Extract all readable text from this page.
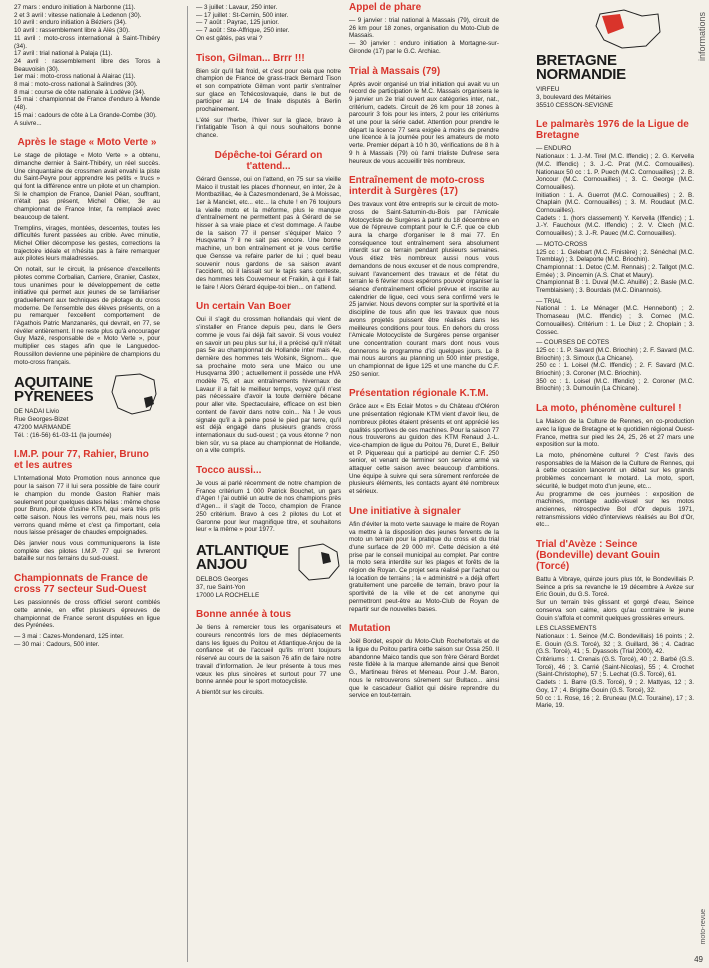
27 mars : enduro initiation à Narbonne (11).
2 et 3 avril : vitesse nationale à Ledenon (30).
10 avril : enduro initiation à Béziers (34).
10 avril : rassemblement libre à Alès (30).
11 avril : moto-cross international à Saint-Thibéry (34).
17 avril : trial national à Palaja (11).
24 avril : rassemblement libre des Toros à Beauvoisin (30).
1er mai : moto-cross national à Alairac (11).
8 mai : moto-cross national à Salindres (30).
8 mai : course de côte nationale à Lodève (34).
15 mai : championnat de France d'enduro à Mende (48).
15 mai : cadours de côte à La Grande-Combe (30).
A suivre...

Après le stage « Moto Verte »

Le stage de pilotage « Moto Verte » a obtenu, dimanche dernier à Saint-Thibéry, un réel succès. Une cinquantaine de crossmen avait envahi la piste du Saint-Peyre pour apprendre les petits « trucs » qui font la différence entre un pilote et un champion. Si le champion de France, Daniel Péan, souffrant, n'était pas présent, Michel Ollier, 3e au championnat de France Inter, l'a remplacé avec beaucoup de talent.

Tremplins, virages, montées, descentes, toutes les difficultés furent passées au crible. Avec minutie, Michel Ollier décompose les gestes, corrections la trajectoire idéale et n'hésita pas à faire remarquer aux pilotes leurs maladresses.

On notait, sur le circuit, la présence d'excellents pilotes comme Corbalian, Carriere, Granier, Castex, tous unanimes pour le développement de cette initiative qui permet aux jeunes de se familiariser graduellement aux techniques de pilotage du cross moderne. De l'ensemble des élèves présents, on a pu remarquer l'excellent comportement de l'Agathois Patric Manzanarès, qui devrait, en 77, se révéler entièrement. Il ne reste plus qu'à encourager Guy Mazé, responsable de « Moto Verte », pour multiplier ces stages afin que le Languedoc-Roussillon devienne une pépinière de champions du moto-cross français.

AQUITAINE PYRENEES

DE NADAI Livio
Rue Georges-Bizet
47200 MARMANDE
Tél. : (16-56) 61-03-11 (la journée)

I.M.P. pour 77, Rahier, Bruno et les autres

L'International Moto Promotion nous annonce que pour la saison 77 il lui sera possible de faire courir le champion du monde Gaston Rahier mais seulement pour quelques dates hélas : même chose pour Bruno, pilote d'usine KTM, qui sera très pris cette saison. Nous les verrons peu, mais nous les verrons quand même et c'est ça l'important, cela nous laisse présager de chaudes empoignades.

Dès janvier nous vous communiquerons la liste complète des pilotes I.M.P. 77 qui se livreront bataille sur nos terrains du sud-ouest.

Championnats de France de cross 77 secteur Sud-Ouest

Les passionnés de cross officiel seront comblés cette année, en effet plusieurs épreuves de championnat de France seront disputées en ligue des Pyrénées.

— 3 mai : Cazes-Mondenard, 125 inter.
— 30 mai : Cadours, 500 inter.

— 3 juillet : Lavaur, 250 inter.
— 17 juillet : St-Cernin, 500 inter.
— 7 août : Payrac, 125 junior.
— 7 août : Ste-Affrique, 250 inter.
On est gâtés, pas vrai ?

Tison, Gilman... Brrr !!!

Bien sûr qu'il fait froid, et c'est pour cela que notre champion de France de grass-track Bernard Tison et son compatriote Gilman vont partir s'entraîner sur glace en Tchécoslovaquie, dans le but de participer au 1/4 de finale disputés à Berlin prochainement.

L'été sur l'herbe, l'hiver sur la glace, bravo à l'infatigable Tison à qui nous souhaitons bonne chance.

Dépêche-toi Gérard on t'attend...

Gérard Gensse, oui on l'attend, en 75 sur sa vieille Maico il trustait les places d'honneur, en inter, 2e à Montbazillac, 4e à Cazesmondenard, 3e à Moissac, 1er à Manciet, etc... etc... la chute ! en 76 toujours la vieille moto et la méforme, plus le manque d'entraînement ne permettent pas à Gérard de se hisser à sa vraie place et c'est dommage. A l'aube de la saison 77 il penser s'équiper Maico ? Husqvarna ? il ne sait pas encore. Une bonne machine, un bon entraînement et je vous certifie que Gensse va refaire parler de lui ; quel beau souvenir nous gardons de sa saison avant l'accident, où il laissait sur le tapis sans conteste, des hommes tels Couverneur et Fraikin, à qui il fait le faire ! Alors Gérard équipe-toi bien... on t'attend.

Un certain Van Boer

Oui il s'agit du crossman hollandais qui vient de s'installer en France depuis peu, dans le Gers comme je vous l'ai déjà fait savoir. Si vous voulez en savoir un peu plus sur lui, il a précisé qu'il n'était pas 5e au championnat de Hollande inter mais 4e, dernière des hommes tels Wolsink, Signorn... que sa prochaine moto sera une Maico ou une Husqvarna 390 ; actuellement il possède une HVA modèle 75, et aux entraînements hivernaux de Lavaur il a fait le meilleur temps, voyez qu'il n'est pas nécessaire d'avoir la toute dernière bécane pour aller vite. Spectaculaire, efficace on est bien content de l'avoir dans notre coin... Na ! Je vous signale qu'il a à peine posé le pied par terre, qu'il est déjà engagé dans plusieurs grands cross internationaux du sud-ouest ; ça vous étonne ? non bien sûr, vu sa place au championnat de Hollande, on a vite compris.

Tocco aussi...

Je vous ai parlé récemment de notre champion de France critérium 1 000 Patrick Bouchet, un gars d'Agen ! j'ai oublié un autre de nos champions près d'Agen... il s'agit de Tocco, champion de France 250 critérium. Bravo à ces 2 pilotes du Lot et Garonne pour leur magnifique titre, et souhaitons leur « la même » pour 1977.

ATLANTIQUE ANJOU

DELBOS Georges
37, rue Saint-Yon
17000 LA ROCHELLE

Bonne année à tous

Je tiens à remercier tous les organisateurs et coureurs rencontrés lors de mes déplacements dans les ligues du Poitou et Atlantique-Anjou de la confiance et de l'accueil qu'ils m'ont toujours réservé au cours de la saison 76 afin de faire notre travail d'information. Je leur présente à tous mes vœux les plus sincères et surtout pour 77 une bonne année pour le sport motocycliste.

A bientôt sur les circuits.

Appel de phare

— 9 janvier : trial national à Massais (79), circuit de 26 km pour 18 zones, organisation du Moto-Club de Massais.
— 30 janvier : enduro initiation à Mortagne-sur-Gironde (17) par le G.C. Archiac.

Trial à Massais (79)

Après avoir organisé un trial initiation qui avait vu un record de participation le M.C. Massais organisera le 9 janvier un 2e trial ouvert aux catégories inter, nat., critérium, cadets. Circuit de 26 km pour 18 zones à parcourir 3 fois pour les inters, 2 pour les critériums et une pour la série cadet. Attention pour prendre le départ la licence 77 sera exigée à moins de prendre une licence à la journée pour les amateurs de moto verte. Premier départ à 10 h 30, vérifications de 8 h à 9 h à Massais (79) où l'ami trialiste Dufrese sera heureux de vous accueillir très nombreux.

Entraînement de moto-cross interdit à Surgères (17)

Des travaux vont être entrepris sur le circuit de moto-cross de Saint-Saturnin-du-Bois par l'Amicale Motocycliste de Surgères à partir du 18 décembre en vue de l'épreuve comptant pour le C.F. que ce club aura la charge d'organiser le 8 mai 77. En conséquence tout entraînement sera absolument interdit sur ce terrain pendant plusieurs semaines. Vous étiez très nombreux aussi nous vous demandons de nous excuser et de nous comprendre, suivant l'avancement des travaux et de l'état du terrain le 6 février nous espérons pouvoir organiser la séance d'entraînement officiel prévue et inscrite au calendrier de ligue, ceci vous sera confirmé vers le 25 janvier. Nous devons compter sur la sportivité et la discipline de tous afin que les travaux que nous avons projetés puissent être réalisés dans les meilleures conditions pour tous. En dehors du cross l'Amicale Motocycliste de Surgères pense organiser une concentration courant mars dont nous vous donnerons le programme d'ici quelques jours. Le 8 mai nous aurons au planning un 500 inter prestige, un championnat de ligue 125 et une manche du C.F. 250 senior.

Présentation régionale K.T.M.

Grâce aux « Ets Eclair Motos » du Château d'Oléron une présentation régionale KTM vient d'avoir lieu, de nombreux pilotes étaient présents et ont apprécié les qualités sportives de ces machines. Pour la saison 77 nous trouverons au guidon des KTM Renaud J.-L. vice-champion de ligue du Poitou 76, Duret E., Belluir et P. Piquereau qui a participé au dernier C.F. 250 senior, et venant de terminer son service armé va attaquer cette saison avec beaucoup d'ambitions. Une équipe à suivre qui sera sûrement renforcée de plusieurs éléments, les contacts ayant été nombreux et sérieux.

Une initiative à signaler

Afin d'éviter la moto verte sauvage le maire de Royan va mettre à la disposition des jeunes fervents de la moto un terrain pour la pratique du cross et du trial d'une surface de 29 000 m². Cette décision a été prise par le conseil municipal au complet. Par contre la moto sera interdite sur les plages et forêts de la région de Royan. Ce projet sera réalisé par l'achat ou la location de terrains ; la « administré » a déjà offert gratuitement une parcelle de terrain, bravo pour la sportivité de la ville et de cet anonyme qui permettront peut-être au Moto-Club de Royan de repartir sur de nouvelles bases.

Mutation

Joël Bordet, espoir du Moto-Club Rochefortais et de la ligue du Poitou partira cette saison sur Ossa 250. Il abandonne Maico tandis que son frère Gérard Bordet reste fidèle à la marque allemande ainsi que Benoit G., Martineau frères et Meneau. Pour J.-M. Baron, nous le retrouverons sûrement sur Bultaco... ainsi que le cascadeur Galliot qui désire reprendre du service en tout-terrain.

BRETAGNE NORMANDIE

VIRFEU
3, boulevard des Métairies
35510 CESSON-SEVIGNE

Le palmarès 1976 de la Ligue de Bretagne

— ENDURO
Nationaux : 1. J.-M. Tirel (M.C. Iffendic) ; 2. G. Kervella (M.C. Iffendic) ; 3. J.-C. Prat (M.C. Cornouailles). Nationaux 50 cc : 1. P. Puech (M.C. Cornouailles) ; 2. B. Joncour (M.C. Cornouailles) ; 3. C. George (M.C. Cornouailles).
Initiation : 1. A. Guerrot (M.C. Cornouailles) ; 2. B. Chaplain (M.C. Cornouailles) ; 3. M. Roudaut (M.C. Cornouailles).
Cadets : 1. (hors classement) Y. Kervella (Iffendic) ; 1. J.-Y. Fauchoux (M.C. Iffendic) ; 2. V. Clech (M.C. Cornouailles) ; 3. J.-R. Pauec (M.C. Cornouailles).

— MOTO-CROSS
125 cc : 1. Gelebart (M.C. Finistère) ; 2. Sénéchal (M.C. Tremblay) ; 3. Delaporte (M.C. Briochin).
Championnat : 1. Detoc (C.M. Rennais) ; 2. Tallgot (M.C. Ernée) ; 3. Pincemin (A.S. Chat et Maury).
Championnat B : 1. Duval (M.C. Ahuillé) ; 2. Basle (M.C. Tremblaisien) ; 3. Bourdais (M.C. Dinannois).

— TRIAL
National : 1. Le Ménager (M.C. Hennebont) ; 2. Thomaseau (M.C. Iffendic) ; 3. Cornec (M.C. Cornouailles). Critérium : 1. Le Diuz ; 2. Choplain ; 3. Cossec.

— COURSES DE COTES
125 cc : 1. P. Savard (M.C. Briochin) ; 2. F. Savard (M.C. Briochin) ; 3. Simoux (La Chicane).
250 cc : 1. Loisel (M.C. Iffendic) ; 2. F. Savard (M.C. Briochin) ; 3. Coroner (M.C. Briochin).
350 cc : 1. Loisel (M.C. Iffendic) ; 2. Coroner (M.C. Briochin) ; 3. Dumoulin (La Chicane).

La moto, phénomène culturel !

La Maison de la Culture de Rennes, en co-production avec la ligue de Bretagne et le quotidien régional Ouest-France, mettra sur pied les 24, 25, 26 et 27 mars une exposition sur la moto.

La moto, phénomène culturel ? C'est l'avis des responsables de la Maison de la Culture de Rennes, qui à cette occasion lanceront un débat sur les grands problèmes concernant le motard. La moto, sport, sécurité, le budget moto d'un jeune, etc...
Au programme de ces journées : exposition de machines, montage audio-visuel sur les motos anciennes, rétrospective Bol d'Or depuis 1971, retransmissions vidéo d'interviews réalisés au Bol d'Or, etc...

Trial d'Avèze : Seince (Bondeville) devant Gouin (Torcé)

Battu à Vibraye, quinze jours plus tôt, le Bondevillais P. Seince a pris sa revanche le 19 décembre à Avèze sur Eric Gouin, du G.S. Torcé.
Sur un terrain très glissant et gorgé d'eau, Seince conserva son calme, alors qu'au contraire le jeune Gouin s'affola et commit quelques grossières erreurs.

LES CLASSEMENTS
Nationaux : 1. Seince (M.C. Bondevillais) 16 points ; 2. E. Gouin (G.S. Torcé), 32 ; 3. Guillard, 36 ; 4. Cadrac (G.S. Torcé), 41 ; 5. Dyassols (Trial 2000), 42.
Critériums : 1. Crenais (G.S. Torcé), 40 ; 2. Barbé (G.S. Torcé), 46 ; 3. Carrié (Saint-Nicolas), 55 ; 4. Crochet (Saint-Christophe), 57 ; 5. Lechat (G.S. Torcé), 61.
Cadets : 1. Barre (G.S. Torcé), 9 ; 2. Mattyas, 12 ; 3. Goy, 17 ; 4. Brigitte Gouin (G.S. Torcé), 32.
50 cc : 1. Rose, 16 ; 2. Bruneau (M.C. Touraine), 17 ; 3. Marie, 19.

informations
moto-revue
49
